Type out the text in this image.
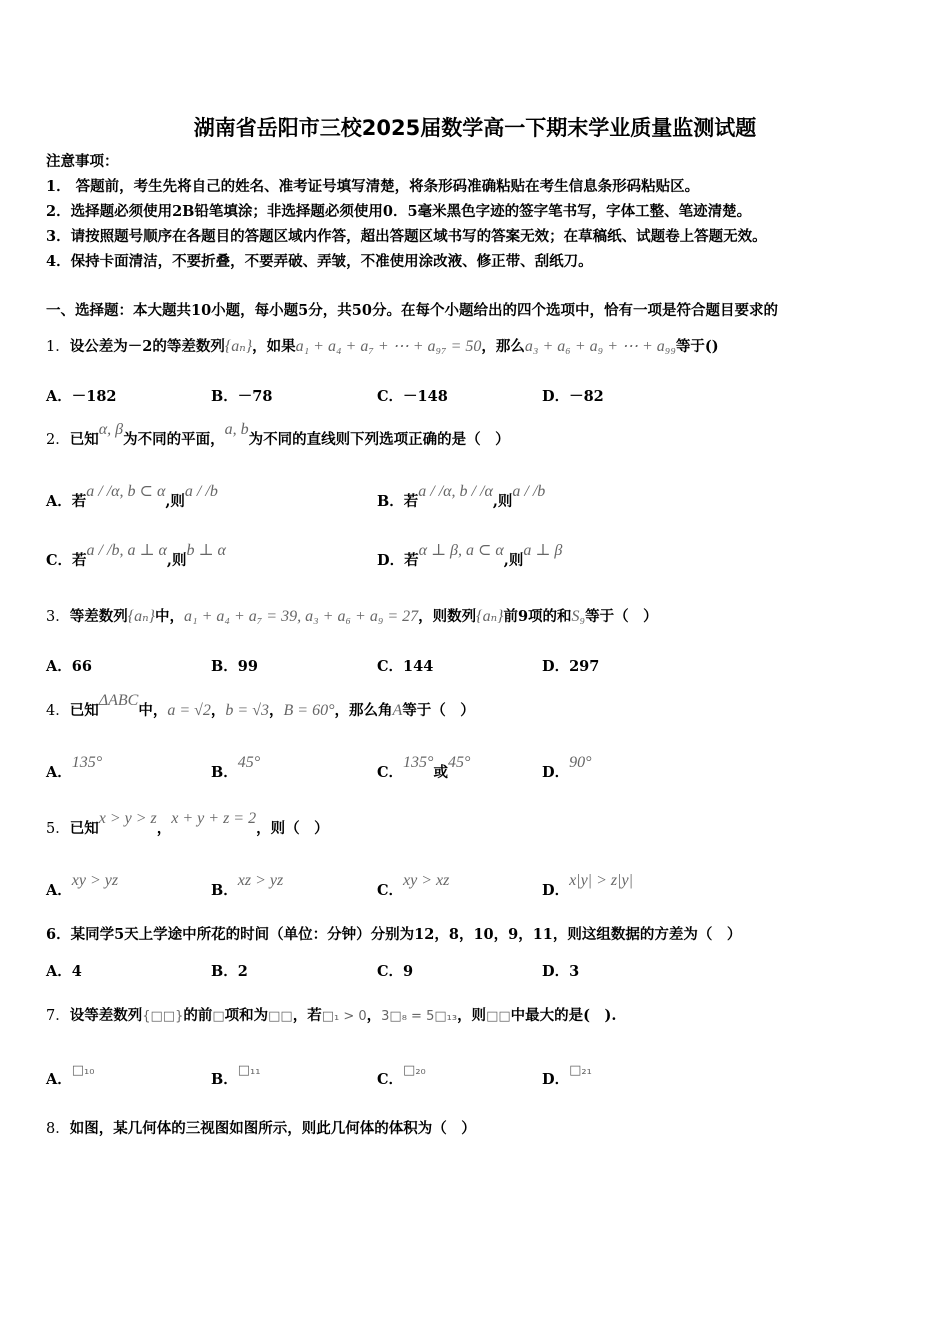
湖南省岳阳市三校2025届数学高一下期末学业质量监测试题
注意事项：
1． 答题前，考生先将自己的姓名、准考证号填写清楚，将条形码准确粘贴在考生信息条形码粘贴区。
2．选择题必须使用2B铅笔填涂；非选择题必须使用0．5毫米黑色字迹的签字笔书写，字体工整、笔迹清楚。
3．请按照题号顺序在各题目的答题区域内作答，超出答题区域书写的答案无效；在草稿纸、试题卷上答题无效。
4．保持卡面清洁，不要折叠，不要弄破、弄皱，不准使用涂改液、修正带、刮纸刀。
一、选择题：本大题共10小题，每小题5分，共50分。在每个小题给出的四个选项中，恰有一项是符合题目要求的
1．设公差为－2的等差数列{aₙ}，如果a₁ + a₄ + a₇ + ⋯ + a₉₇ = 50，那么a₃ + a₆ + a₉ + ⋯ + a₉₉等于()
A．－182	B．－78	C．－148	D．－82
2．已知α, β为不同的平面，a, b为不同的直线则下列选项正确的是（　）
A．若a / /α, b ⊂ α,则a / /b
B．若a / /α, b / /α,则a / /b
C．若a / /b, a ⊥ α,则b ⊥ α
D．若α ⊥ β, a ⊂ α,则a ⊥ β
3．等差数列{aₙ}中，a₁ + a₄ + a₇ = 39, a₃ + a₆ + a₉ = 27，则数列{aₙ}前9项的和S₉等于（　）
A．66	B．99	C．144	D．297
4．已知ΔABC中，a = √2，b = √3，B = 60°，那么角A等于（　）
A．135°
B．45°
C．135°或45°
D．90°
5．已知x > y > z，x + y + z = 2，则（　）
A．xy > yz
B．xz > yz
C．xy > xz
D．x|y| > z|y|
6．某同学5天上学途中所花的时间（单位：分钟）分别为12，8，10，9，11，则这组数据的方差为（　）
A．4	B．2	C．9	D．3
7．设等差数列{□□}的前□项和为□□，若□₁ > 0，3□₈ = 5□₁₃，则□□中最大的是(　).
A．□₁₀
B．□₁₁
C．□₂₀
D．□₂₁
8．如图，某几何体的三视图如图所示，则此几何体的体积为（　）
